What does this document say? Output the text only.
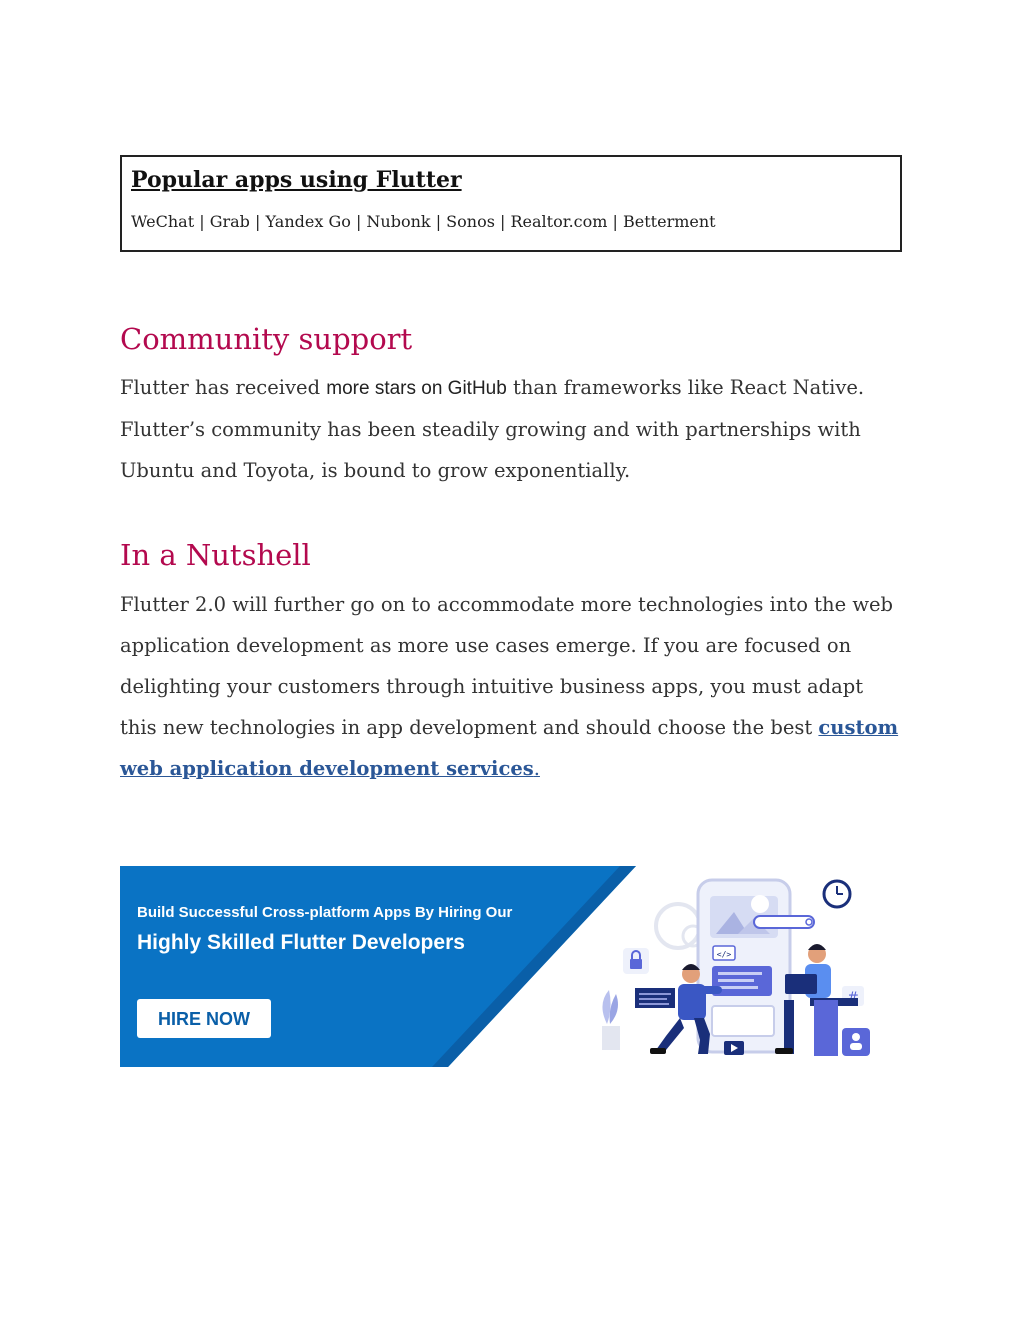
Popular apps using Flutter
WeChat | Grab | Yandex Go | Nubonk | Sonos | Realtor.com | Betterment
Community support
Flutter has received more stars on GitHub than frameworks like React Native.
Flutter’s community has been steadily growing and with partnerships with
Ubuntu and Toyota, is bound to grow exponentially.
In a Nutshell
Flutter 2.0 will further go on to accommodate more technologies into the web
application development as more use cases emerge. If you are focused on
delighting your customers through intuitive business apps, you must adapt
this new technologies in app development and should choose the best custom
web application development services.
Build Successful Cross-platform Apps By Hiring Our
Highly Skilled Flutter Developers
HIRE NOW
</>
